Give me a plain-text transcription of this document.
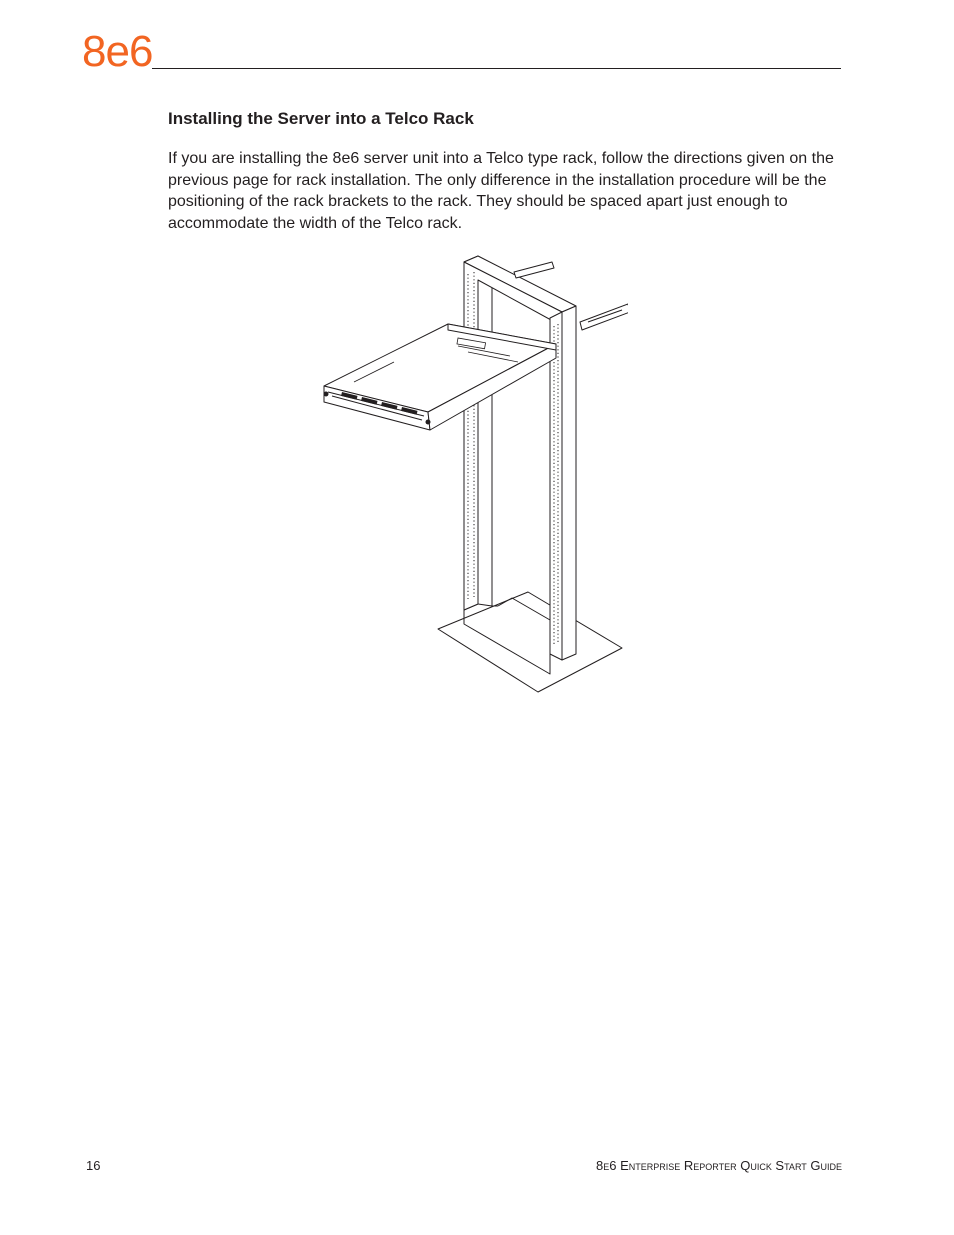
8e6
Installing the Server into a Telco Rack

If you are installing the 8e6 server unit into a Telco type rack, follow the directions given on the previous page for rack installation. The only difference in the installation procedure will be the positioning of the rack brackets to the rack. They should be spaced apart just enough to accommodate the width of the Telco rack.

16	8e6 Enterprise Reporter Quick Start Guide
